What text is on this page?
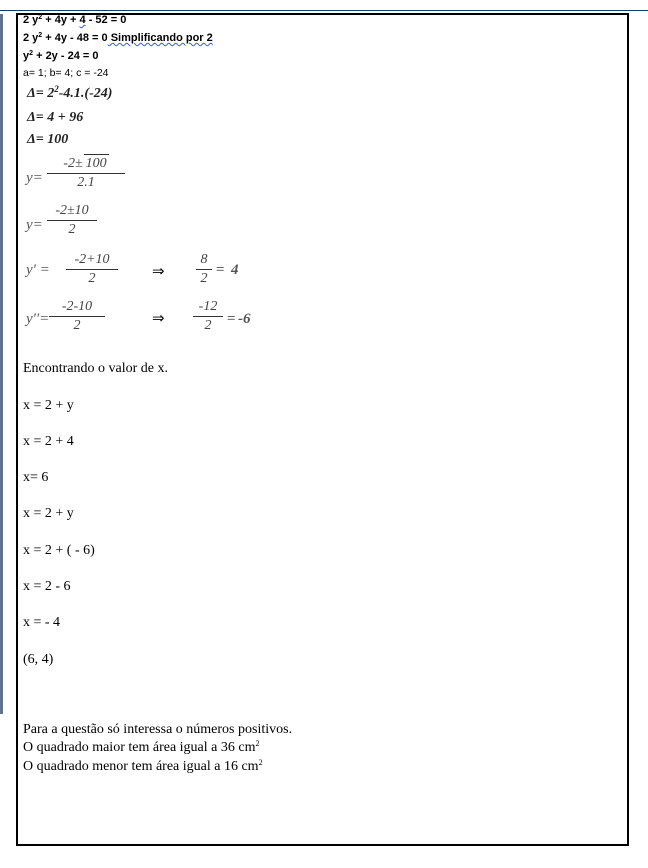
2 $y^2 + 4y + 4 - 52 = 0$
2 $y^2 + 4y - 48 = 0$ Simplificando por 2
$y^2 + 2y - 24 = 0$
a= 1; b= 4; c = -24
$\Delta= 2^2-4.1.(-24)$
Δ= 4 + 96
Δ= 100
y=
-2± 100
2.1
y=
-2±10
2
y' =
-2+10
2	⇒
8
2
= 4
y''=
-2-10
2	⇒
-12
2 = -6
Encontrando o valor de x.
x = 2 + y
x = 2 + 4
x= 6
x = 2 + y
x = 2 + ( - 6)
x = 2 - 6
x = - 4
(6, 4)
Para a questão só interessa o números positivos.
O quadrado maior tem área igual a 36 $cm^2$
O quadrado menor tem área igual a 16 $cm^2$
